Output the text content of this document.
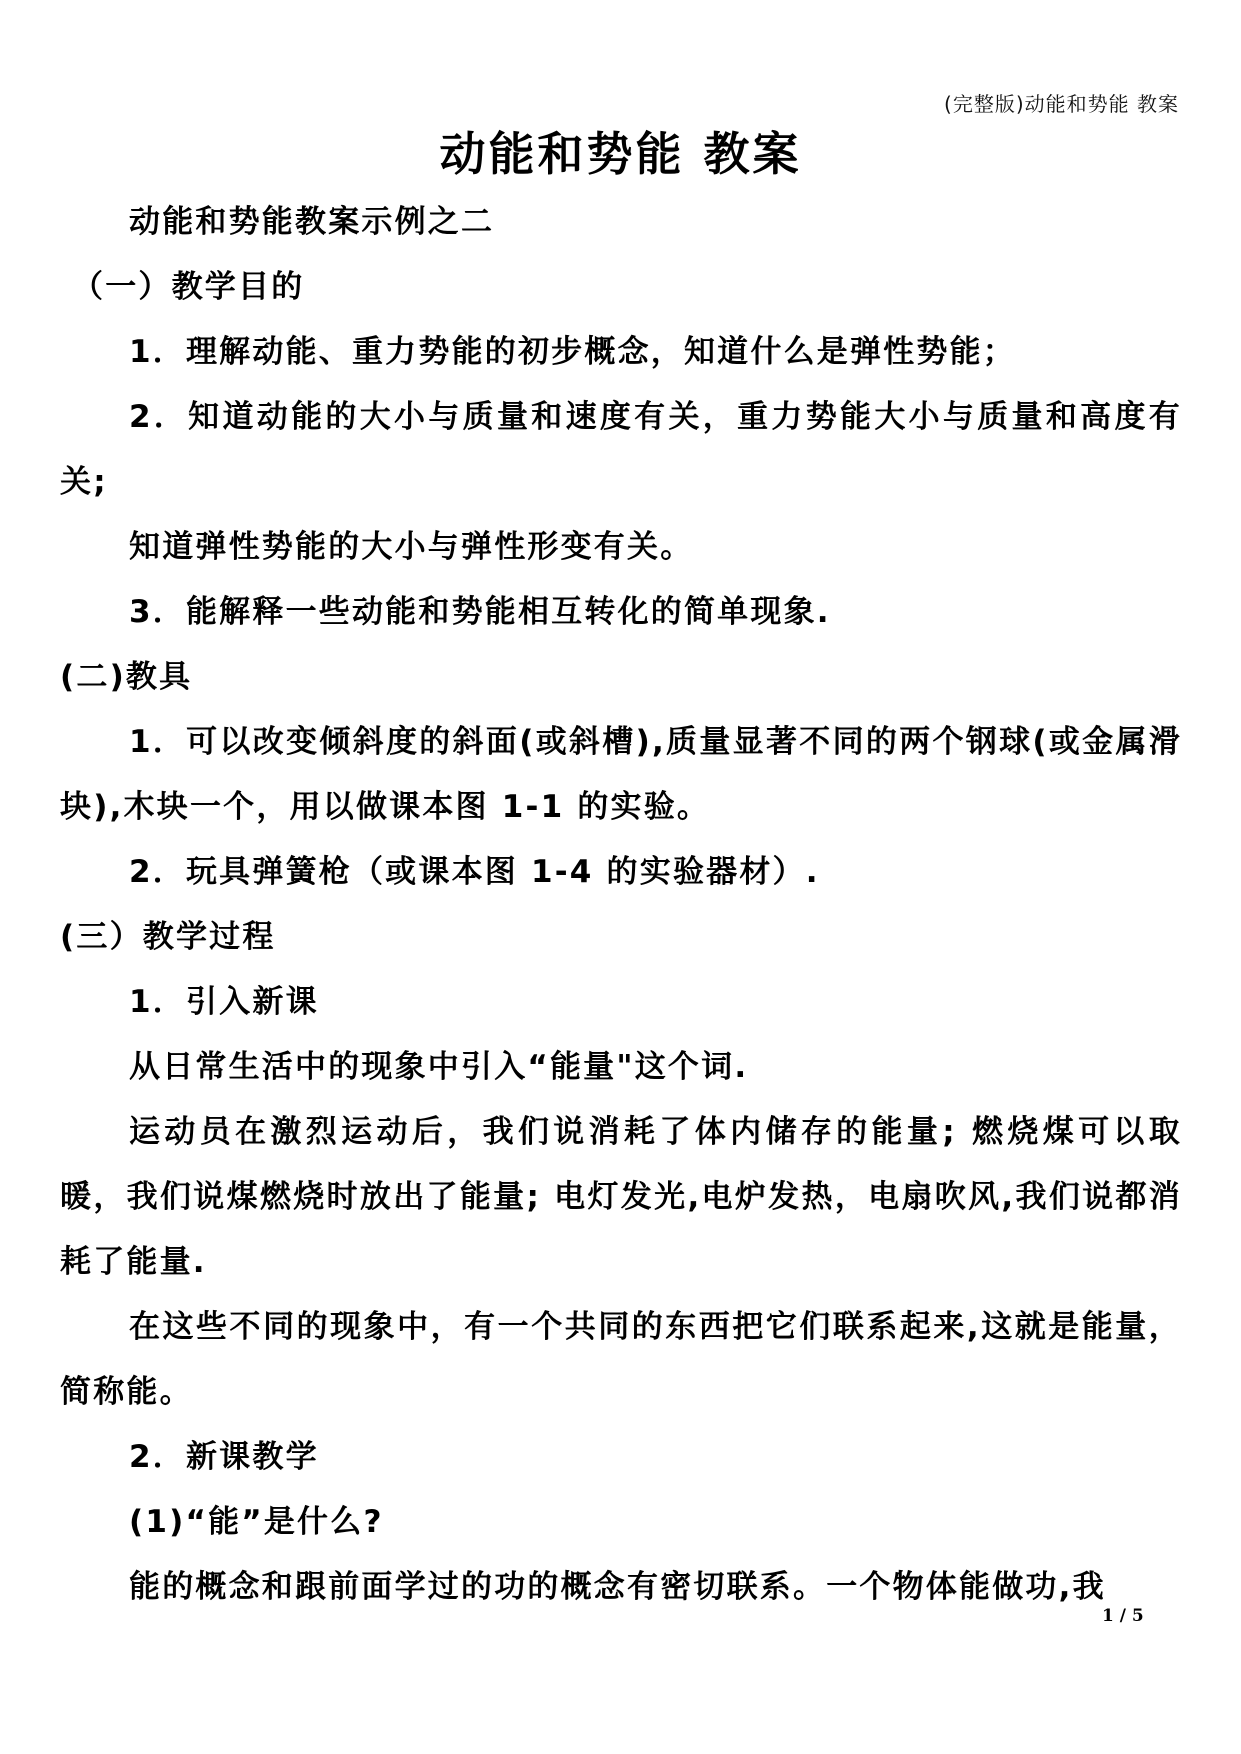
(完整版)动能和势能 教案
动能和势能 教案

动能和势能教案示例之二

（一）教学目的

1．理解动能、重力势能的初步概念，知道什么是弹性势能；

2．知道动能的大小与质量和速度有关，重力势能大小与质量和高度有关;

知道弹性势能的大小与弹性形变有关。

3．能解释一些动能和势能相互转化的简单现象.

(二)教具

1．可以改变倾斜度的斜面(或斜槽),质量显著不同的两个钢球(或金属滑块),木块一个，用以做课本图 1-1 的实验。

2．玩具弹簧枪（或课本图 1-4 的实验器材）.

(三）教学过程

1．引入新课

从日常生活中的现象中引入“能量"这个词.

运动员在激烈运动后，我们说消耗了体内储存的能量; 燃烧煤可以取暖，我们说煤燃烧时放出了能量; 电灯发光,电炉发热，电扇吹风,我们说都消耗了能量.

在这些不同的现象中，有一个共同的东西把它们联系起来,这就是能量，简称能。

2．新课教学

(1)“能”是什么?

能的概念和跟前面学过的功的概念有密切联系。一个物体能做功,我

1 / 5
